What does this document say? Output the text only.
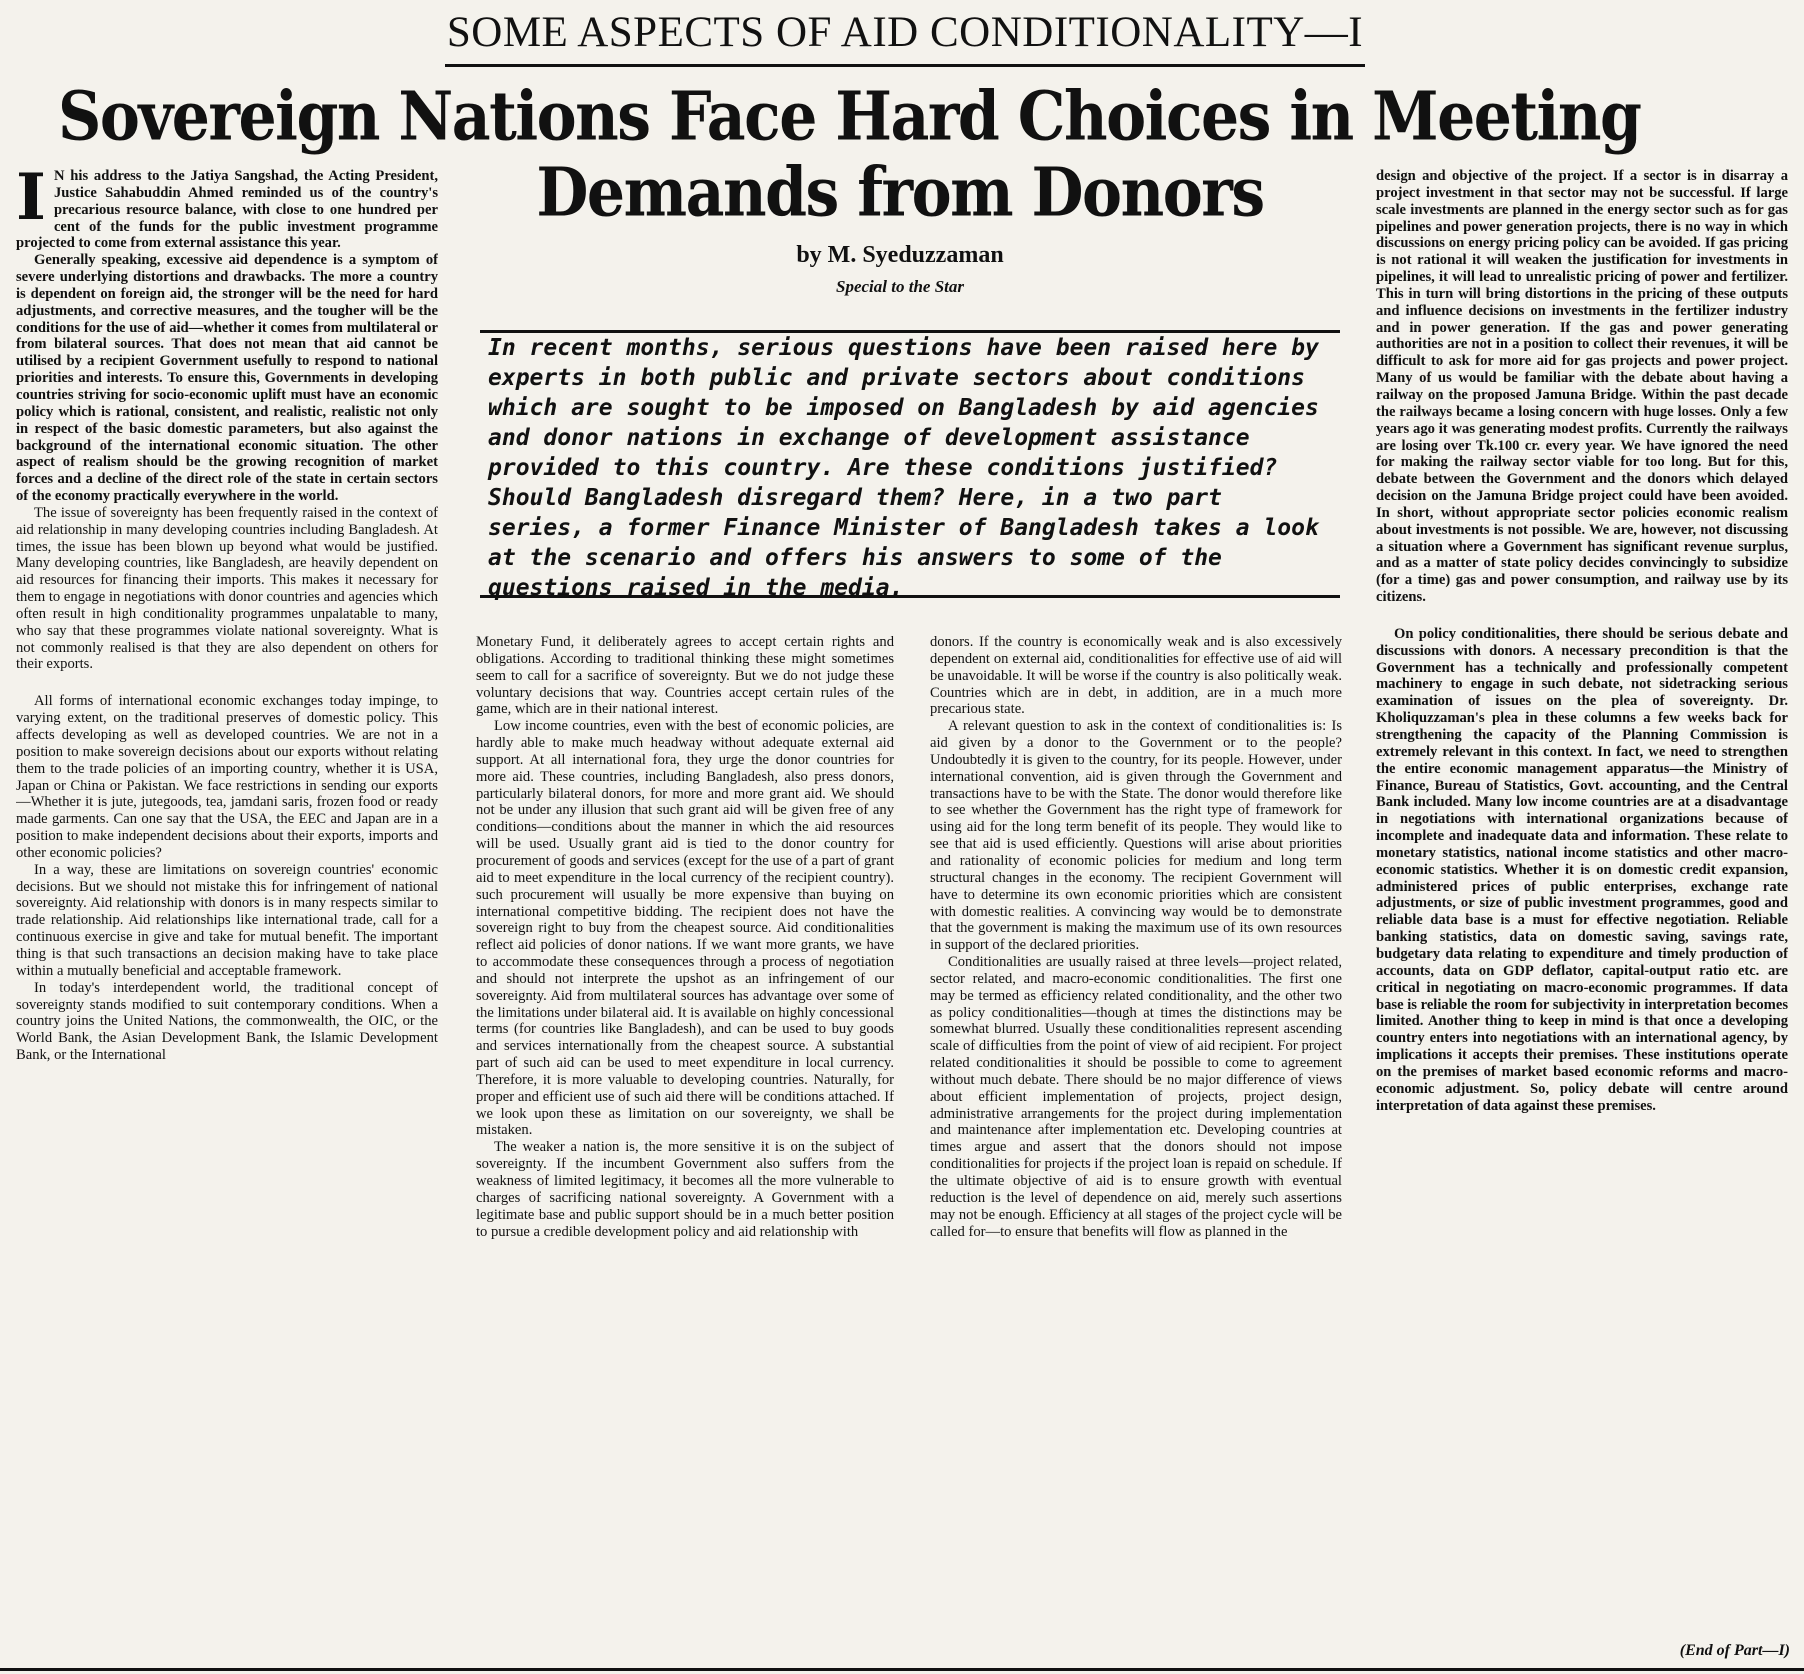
SOME ASPECTS OF AID CONDITIONALITY—I
Sovereign Nations Face Hard Choices in Meeting
Demands from Donors
by M. Syeduzzaman
Special to the Star
In recent months, serious questions have been raised here by experts in both public and private sectors about conditions which are sought to be imposed on Bangladesh by aid agencies and donor nations in exchange of development assistance provided to this country. Are these conditions justified? Should Bangladesh disregard them? Here, in a two part series, a former Finance Minister of Bangladesh takes a look at the scenario and offers his answers to some of the questions raised in the media.
I N his address to the Jatiya Sangshad, the Acting President, Justice Sahabuddin Ahmed reminded us of the country's precarious resource balance, with close to one hundred per cent of the funds for the public investment programme projected to come from external assistance this year.

Generally speaking, excessive aid dependence is a symptom of severe underlying distortions and drawbacks. The more a country is dependent on foreign aid, the stronger will be the need for hard adjustments, and corrective measures, and the tougher will be the conditions for the use of aid—whether it comes from multilateral or from bilateral sources. That does not mean that aid cannot be utilised by a recipient Government usefully to respond to national priorities and interests. To ensure this, Governments in developing countries striving for socio-economic uplift must have an economic policy which is rational, consistent, and realistic, realistic not only in respect of the basic domestic parameters, but also against the background of the international economic situation. The other aspect of realism should be the growing recognition of market forces and a decline of the direct role of the state in certain sectors of the economy practically everywhere in the world.

The issue of sovereignty has been frequently raised in the context of aid relationship in many developing countries including Bangladesh. At times, the issue has been blown up beyond what would be justified. Many developing countries, like Bangladesh, are heavily dependent on aid resources for financing their imports. This makes it necessary for them to engage in negotiations with donor countries and agencies which often result in high conditionality programmes unpalatable to many, who say that these programmes violate national sovereignty. What is not commonly realised is that they are also dependent on others for their exports.

All forms of international economic exchanges today impinge, to varying extent, on the traditional preserves of domestic policy. This affects developing as well as developed countries. We are not in a position to make sovereign decisions about our exports without relating them to the trade policies of an importing country, whether it is USA, Japan or China or Pakistan. We face restrictions in sending our exports—Whether it is jute, jutegoods, tea, jamdani saris, frozen food or ready made garments. Can one say that the USA, the EEC and Japan are in a position to make independent decisions about their exports, imports and other economic policies?

In a way, these are limitations on sovereign countries' economic decisions. But we should not mistake this for infringement of national sovereignty. Aid relationship with donors is in many respects similar to trade relationship. Aid relationships like international trade, call for a continuous exercise in give and take for mutual benefit. The important thing is that such transactions an decision making have to take place within a mutually beneficial and acceptable framework.

In today's interdependent world, the traditional concept of sovereignty stands modified to suit contemporary conditions. When a country joins the United Nations, the commonwealth, the OIC, or the World Bank, the Asian Development Bank, the Islamic Development Bank, or the International

Monetary Fund, it deliberately agrees to accept certain rights and obligations. According to traditional thinking these might sometimes seem to call for a sacrifice of sovereignty. But we do not judge these voluntary decisions that way. Countries accept certain rules of the game, which are in their national interest.

Low income countries, even with the best of economic policies, are hardly able to make much headway without adequate external aid support. At all international fora, they urge the donor countries for more aid. These countries, including Bangladesh, also press donors, particularly bilateral donors, for more and more grant aid. We should not be under any illusion that such grant aid will be given free of any conditions—conditions about the manner in which the aid resources will be used. Usually grant aid is tied to the donor country for procurement of goods and services (except for the use of a part of grant aid to meet expenditure in the local currency of the recipient country). such procurement will usually be more expensive than buying on international competitive bidding. The recipient does not have the sovereign right to buy from the cheapest source. Aid conditionalities reflect aid policies of donor nations. If we want more grants, we have to accommodate these consequences through a process of negotiation and should not interprete the upshot as an infringement of our sovereignty. Aid from multilateral sources has advantage over some of the limitations under bilateral aid. It is available on highly concessional terms (for countries like Bangladesh), and can be used to buy goods and services internationally from the cheapest source. A substantial part of such aid can be used to meet expenditure in local currency. Therefore, it is more valuable to developing countries. Naturally, for proper and efficient use of such aid there will be conditions attached. If we look upon these as limitation on our sovereignty, we shall be mistaken.

The weaker a nation is, the more sensitive it is on the subject of sovereignty. If the incumbent Government also suffers from the weakness of limited legitimacy, it becomes all the more vulnerable to charges of sacrificing national sovereignty. A Government with a legitimate base and public support should be in a much better position to pursue a credible development policy and aid relationship with

donors. If the country is economically weak and is also excessively dependent on external aid, conditionalities for effective use of aid will be unavoidable. It will be worse if the country is also politically weak. Countries which are in debt, in addition, are in a much more precarious state.

A relevant question to ask in the context of conditionalities is: Is aid given by a donor to the Government or to the people? Undoubtedly it is given to the country, for its people. However, under international convention, aid is given through the Government and transactions have to be with the State. The donor would therefore like to see whether the Government has the right type of framework for using aid for the long term benefit of its people. They would like to see that aid is used efficiently. Questions will arise about priorities and rationality of economic policies for medium and long term structural changes in the economy. The recipient Government will have to determine its own economic priorities which are consistent with domestic realities. A convincing way would be to demonstrate that the government is making the maximum use of its own resources in support of the declared priorities.

Conditionalities are usually raised at three levels—project related, sector related, and macro-economic conditionalities. The first one may be termed as efficiency related conditionality, and the other two as policy conditionalities—though at times the distinctions may be somewhat blurred. Usually these conditionalities represent ascending scale of difficulties from the point of view of aid recipient. For project related conditionalities it should be possible to come to agreement without much debate. There should be no major difference of views about efficient implementation of projects, project design, administrative arrangements for the project during implementation and maintenance after implementation etc. Developing countries at times argue and assert that the donors should not impose conditionalities for projects if the project loan is repaid on schedule. If the ultimate objective of aid is to ensure growth with eventual reduction is the level of dependence on aid, merely such assertions may not be enough. Efficiency at all stages of the project cycle will be called for—to ensure that benefits will flow as planned in the

design and objective of the project. If a sector is in disarray a project investment in that sector may not be successful. If large scale investments are planned in the energy sector such as for gas pipelines and power generation projects, there is no way in which discussions on energy pricing policy can be avoided. If gas pricing is not rational it will weaken the justification for investments in pipelines, it will lead to unrealistic pricing of power and fertilizer. This in turn will bring distortions in the pricing of these outputs and influence decisions on investments in the fertilizer industry and in power generation. If the gas and power generating authorities are not in a position to collect their revenues, it will be difficult to ask for more aid for gas projects and power project. Many of us would be familiar with the debate about having a railway on the proposed Jamuna Bridge. Within the past decade the railways became a losing concern with huge losses. Only a few years ago it was generating modest profits. Currently the railways are losing over Tk.100 cr. every year. We have ignored the need for making the railway sector viable for too long. But for this, debate between the Government and the donors which delayed decision on the Jamuna Bridge project could have been avoided. In short, without appropriate sector policies economic realism about investments is not possible. We are, however, not discussing a situation where a Government has significant revenue surplus, and as a matter of state policy decides convincingly to subsidize (for a time) gas and power consumption, and railway use by its citizens.

On policy conditionalities, there should be serious debate and discussions with donors. A necessary precondition is that the Government has a technically and professionally competent machinery to engage in such debate, not sidetracking serious examination of issues on the plea of sovereignty. Dr. Kholiquzzaman's plea in these columns a few weeks back for strengthening the capacity of the Planning Commission is extremely relevant in this context. In fact, we need to strengthen the entire economic management apparatus—the Ministry of Finance, Bureau of Statistics, Govt. accounting, and the Central Bank included. Many low income countries are at a disadvantage in negotiations with international organizations because of incomplete and inadequate data and information. These relate to monetary statistics, national income statistics and other macro-economic statistics. Whether it is on domestic credit expansion, administered prices of public enterprises, exchange rate adjustments, or size of public investment programmes, good and reliable data base is a must for effective negotiation. Reliable banking statistics, data on domestic saving, savings rate, budgetary data relating to expenditure and timely production of accounts, data on GDP deflator, capital-output ratio etc. are critical in negotiating on macro-economic programmes. If data base is reliable the room for subjectivity in interpretation becomes limited. Another thing to keep in mind is that once a developing country enters into negotiations with an international agency, by implications it accepts their premises. These institutions operate on the premises of market based economic reforms and macro-economic adjustment. So, policy debate will centre around interpretation of data against these premises.

(End of Part—I)
